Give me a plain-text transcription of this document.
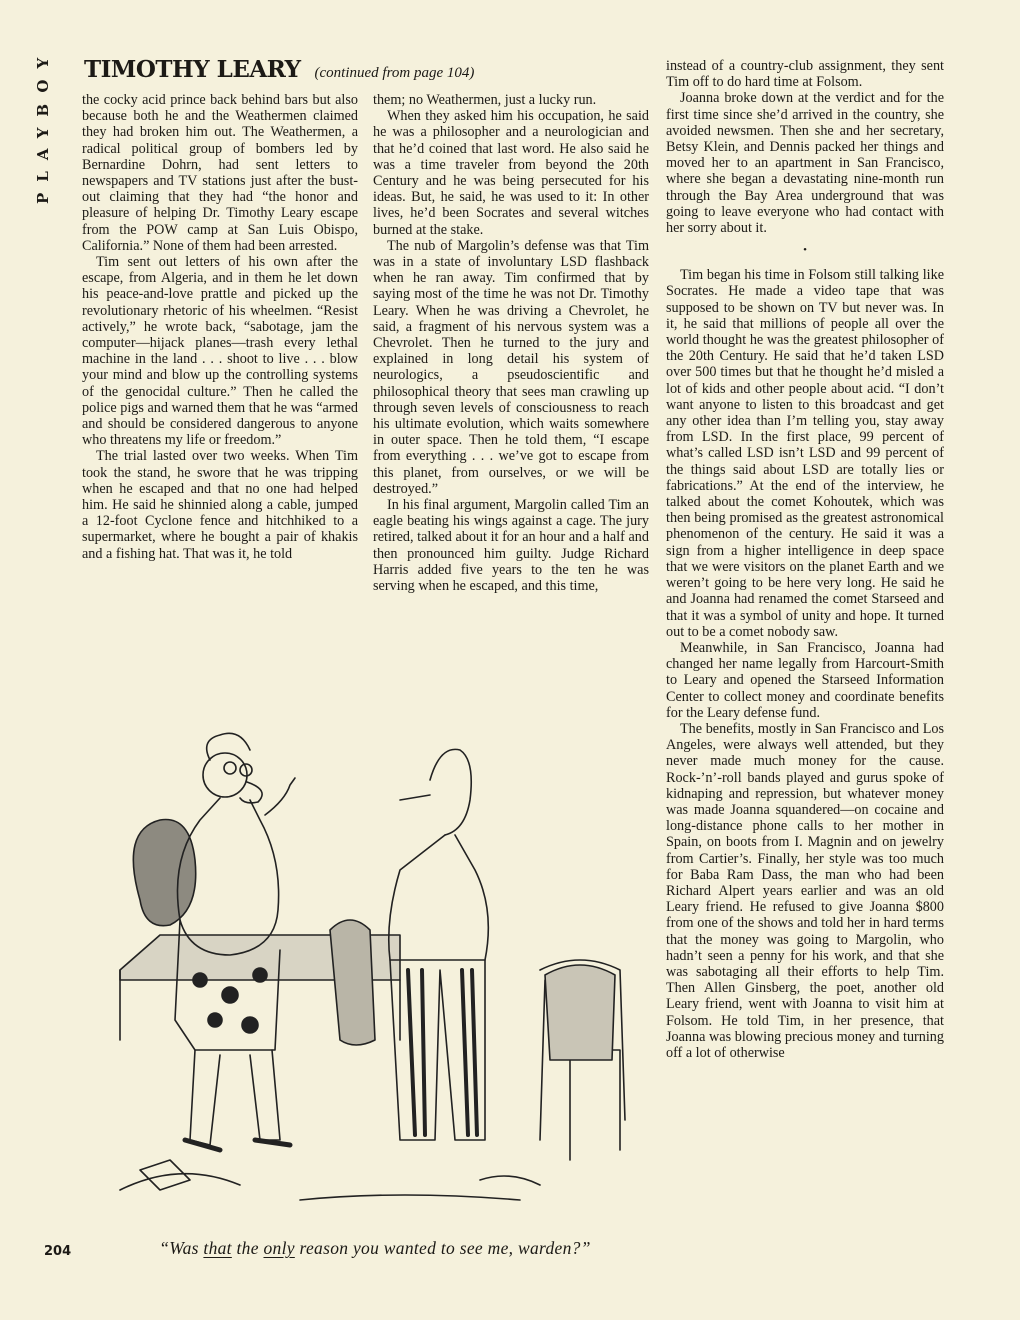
PLAYBOY TIMOTHY LEARY (continued from page 104)

the cocky acid prince back behind bars but also because both he and the Weathermen claimed they had broken him out. The Weathermen, a radical political group of bombers led by Bernardine Dohrn, had sent letters to newspapers and TV stations just after the bust-out claiming that they had “the honor and pleasure of helping Dr. Timothy Leary escape from the POW camp at San Luis Obispo, California.” None of them had been arrested.

Tim sent out letters of his own after the escape, from Algeria, and in them he let down his peace-and-love prattle and picked up the revolutionary rhetoric of his wheelmen. “Resist actively,” he wrote back, “sabotage, jam the computer—hijack planes—trash every lethal machine in the land . . . shoot to live . . . blow your mind and blow up the controlling systems of the genocidal culture.” Then he called the police pigs and warned them that he was “armed and should be considered dangerous to anyone who threatens my life or freedom.”

The trial lasted over two weeks. When Tim took the stand, he swore that he was tripping when he escaped and that no one had helped him. He said he shinnied along a cable, jumped a 12-foot Cyclone fence and hitchhiked to a supermarket, where he bought a pair of khakis and a fishing hat. That was it, he told

them; no Weathermen, just a lucky run.

When they asked him his occupation, he said he was a philosopher and a neurologician and that he’d coined that last word. He also said he was a time traveler from beyond the 20th Century and he was being persecuted for his ideas. But, he said, he was used to it: In other lives, he’d been Socrates and several witches burned at the stake.

The nub of Margolin’s defense was that Tim was in a state of involuntary LSD flashback when he ran away. Tim confirmed that by saying most of the time he was not Dr. Timothy Leary. When he was driving a Chevrolet, he said, a fragment of his nervous system was a Chevrolet. Then he turned to the jury and explained in long detail his system of neurologics, a pseudoscientific and philosophical theory that sees man crawling up through seven levels of consciousness to reach his ultimate evolution, which waits somewhere in outer space. Then he told them, “I escape from everything . . . we’ve got to escape from this planet, from ourselves, or we will be destroyed.”

In his final argument, Margolin called Tim an eagle beating his wings against a cage. The jury retired, talked about it for an hour and a half and then pronounced him guilty. Judge Richard Harris added five years to the ten he was serving when he escaped, and this time,

instead of a country-club assignment, they sent Tim off to do hard time at Folsom.

Joanna broke down at the verdict and for the first time since she’d arrived in the country, she avoided newsmen. Then she and her secretary, Betsy Klein, and Dennis packed her things and moved her to an apartment in San Francisco, where she began a devastating nine-month run through the Bay Area underground that was going to leave everyone who had contact with her sorry about it.

•

Tim began his time in Folsom still talking like Socrates. He made a video tape that was supposed to be shown on TV but never was. In it, he said that millions of people all over the world thought he was the greatest philosopher of the 20th Century. He said that he’d taken LSD over 500 times but that he thought he’d misled a lot of kids and other people about acid. “I don’t want anyone to listen to this broadcast and get any other idea than I’m telling you, stay away from LSD. In the first place, 99 percent of what’s called LSD isn’t LSD and 99 percent of the things said about LSD are totally lies or fabrications.” At the end of the interview, he talked about the comet Kohoutek, which was then being promised as the greatest astronomical phenomenon of the century. He said it was a sign from a higher intelligence in deep space that we were visitors on the planet Earth and we weren’t going to be here very long. He said he and Joanna had renamed the comet Starseed and that it was a symbol of unity and hope. It turned out to be a comet nobody saw.

Meanwhile, in San Francisco, Joanna had changed her name legally from Harcourt-Smith to Leary and opened the Starseed Information Center to collect money and coordinate benefits for the Leary defense fund.

The benefits, mostly in San Francisco and Los Angeles, were always well attended, but they never made much money for the cause. Rock-’n’-roll bands played and gurus spoke of kidnaping and repression, but whatever money was made Joanna squandered—on cocaine and long-distance phone calls to her mother in Spain, on boots from I. Magnin and on jewelry from Cartier’s. Finally, her style was too much for Baba Ram Dass, the man who had been Richard Alpert years earlier and was an old Leary friend. He refused to give Joanna $800 from one of the shows and told her in hard terms that the money was going to Margolin, who hadn’t seen a penny for his work, and that she was sabotaging all their efforts to help Tim. Then Allen Ginsberg, the poet, another old Leary friend, went with Joanna to visit him at Folsom. He told Tim, in her presence, that Joanna was blowing precious money and turning off a lot of otherwise

“Was that the only reason you wanted to see me, warden?”
204
